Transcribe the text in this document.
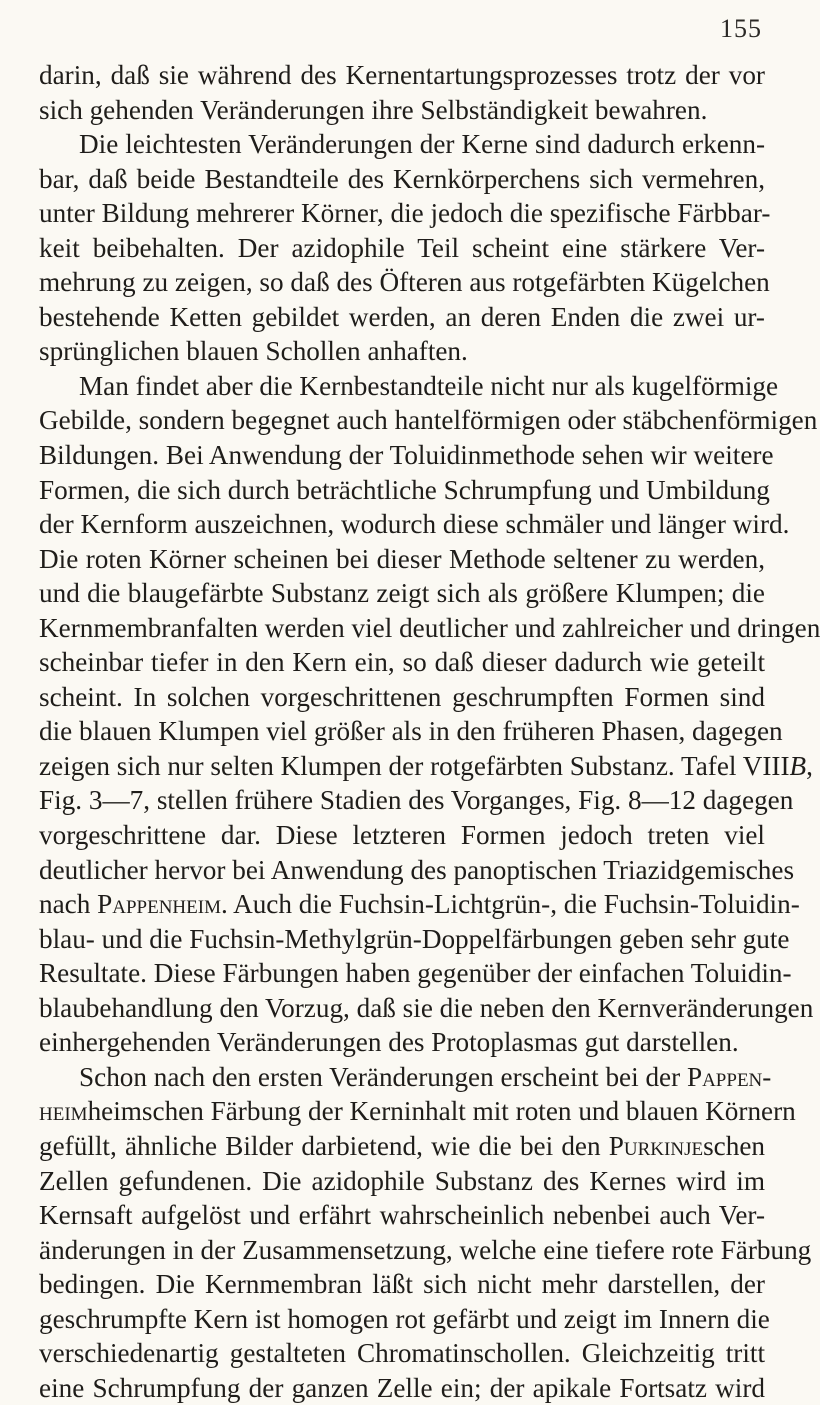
155
darin, daß sie während des Kernentartungsprozesses trotz der vor
sich gehenden Veränderungen ihre Selbständigkeit bewahren.
Die leichtesten Veränderungen der Kerne sind dadurch erkenn-
bar, daß beide Bestandteile des Kernkörperchens sich vermehren,
unter Bildung mehrerer Körner, die jedoch die spezifische Färbbar-
keit beibehalten. Der azidophile Teil scheint eine stärkere Ver-
mehrung zu zeigen, so daß des Öfteren aus rotgefärbten Kügelchen
bestehende Ketten gebildet werden, an deren Enden die zwei ur-
sprünglichen blauen Schollen anhaften.
Man findet aber die Kernbestandteile nicht nur als kugelförmige
Gebilde, sondern begegnet auch hantelförmigen oder stäbchenförmigen
Bildungen. Bei Anwendung der Toluidinmethode sehen wir weitere
Formen, die sich durch beträchtliche Schrumpfung und Umbildung
der Kernform auszeichnen, wodurch diese schmäler und länger wird.
Die roten Körner scheinen bei dieser Methode seltener zu werden,
und die blaugefärbte Substanz zeigt sich als größere Klumpen; die
Kernmembranfalten werden viel deutlicher und zahlreicher und dringen
scheinbar tiefer in den Kern ein, so daß dieser dadurch wie geteilt
scheint. In solchen vorgeschrittenen geschrumpften Formen sind
die blauen Klumpen viel größer als in den früheren Phasen, dagegen
zeigen sich nur selten Klumpen der rotgefärbten Substanz. Tafel VIIIB,
Fig. 3—7, stellen frühere Stadien des Vorganges, Fig. 8—12 dagegen
vorgeschrittene dar. Diese letzteren Formen jedoch treten viel
deutlicher hervor bei Anwendung des panoptischen Triazidgemisches
nach Pappenheim. Auch die Fuchsin-Lichtgrün-, die Fuchsin-Toluidin-
blau- und die Fuchsin-Methylgrün-Doppelfärbungen geben sehr gute
Resultate. Diese Färbungen haben gegenüber der einfachen Toluidin-
blaubehandlung den Vorzug, daß sie die neben den Kernveränderungen
einhergehenden Veränderungen des Protoplasmas gut darstellen.
Schon nach den ersten Veränderungen erscheint bei der Pappen-
heimheimschen Färbung der Kerninhalt mit roten und blauen Körnern
gefüllt, ähnliche Bilder darbietend, wie die bei den Purkinjeschen
Zellen gefundenen. Die azidophile Substanz des Kernes wird im
Kernsaft aufgelöst und erfährt wahrscheinlich nebenbei auch Ver-
änderungen in der Zusammensetzung, welche eine tiefere rote Färbung
bedingen. Die Kernmembran läßt sich nicht mehr darstellen, der
geschrumpfte Kern ist homogen rot gefärbt und zeigt im Innern die
verschiedenartig gestalteten Chromatinschollen. Gleichzeitig tritt
eine Schrumpfung der ganzen Zelle ein; der apikale Fortsatz wird
